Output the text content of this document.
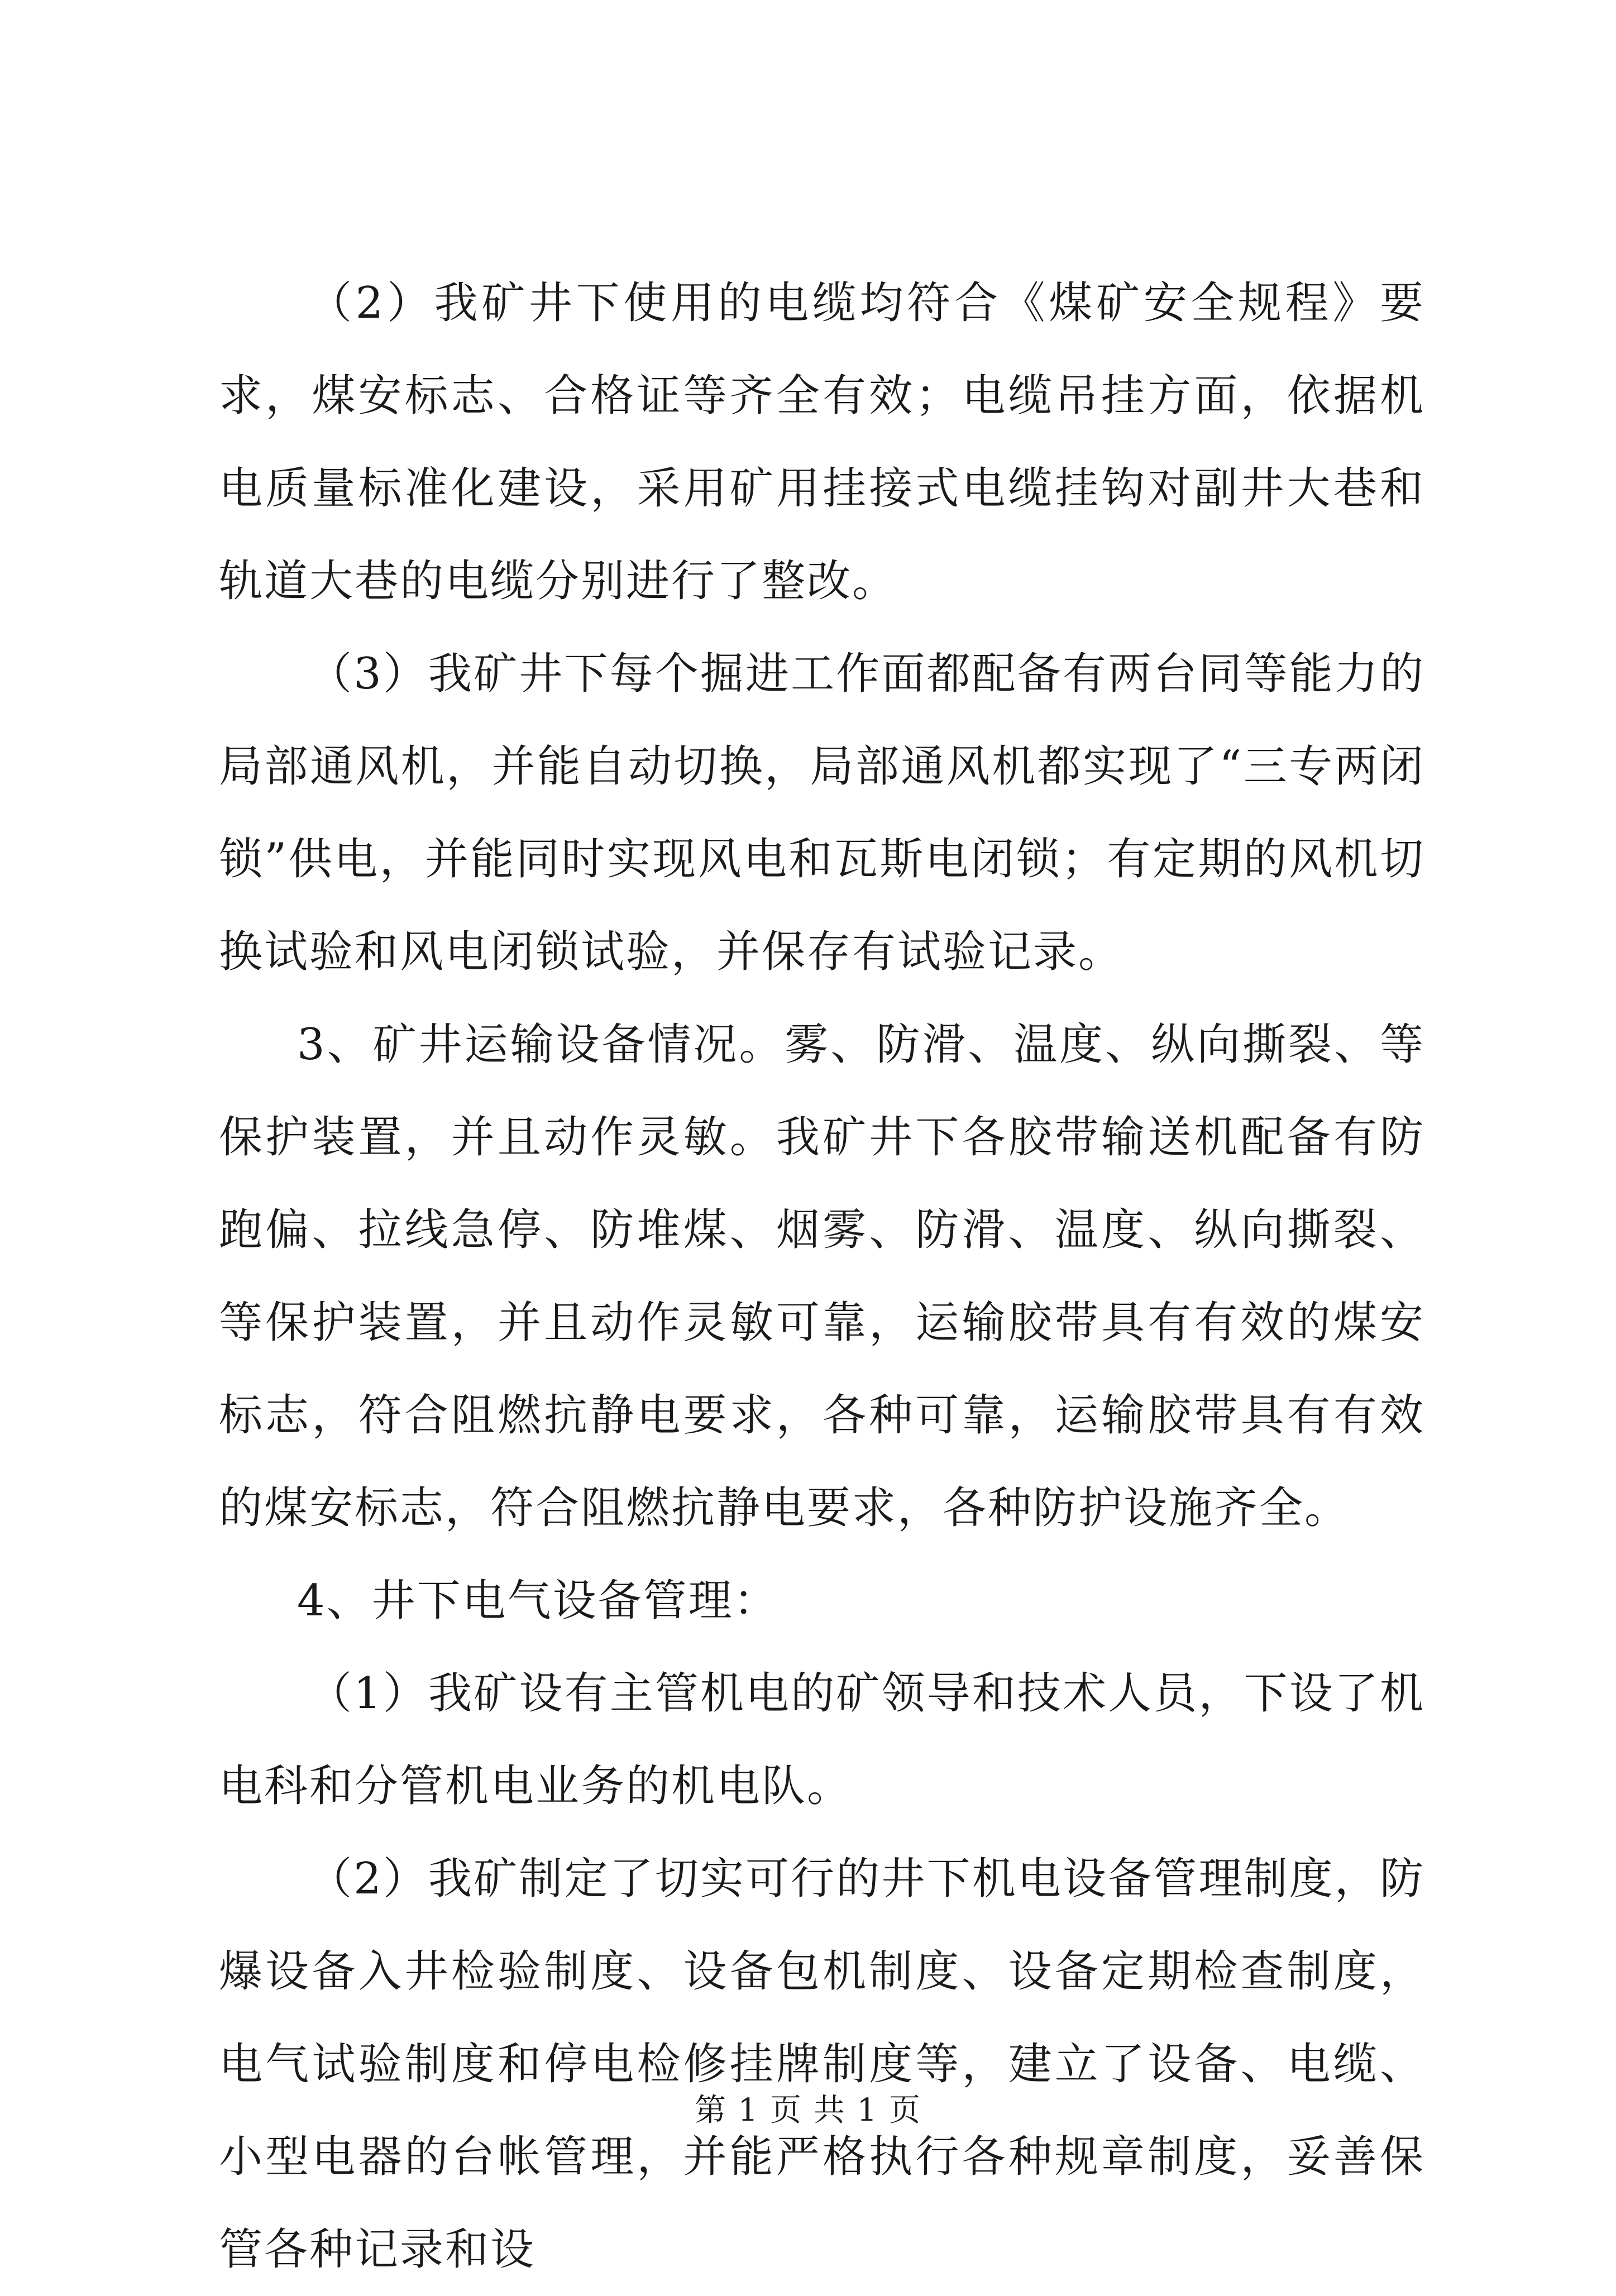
（2）我矿井下使用的电缆均符合《煤矿安全规程》要求，煤安标志、合格证等齐全有效；电缆吊挂方面，依据机电质量标准化建设，采用矿用挂接式电缆挂钩对副井大巷和轨道大巷的电缆分别进行了整改。

（3）我矿井下每个掘进工作面都配备有两台同等能力的局部通风机，并能自动切换，局部通风机都实现了“三专两闭锁”供电，并能同时实现风电和瓦斯电闭锁；有定期的风机切换试验和风电闭锁试验，并保存有试验记录。

3、矿井运输设备情况。雾、防滑、温度、纵向撕裂、等保护装置，并且动作灵敏。我矿井下各胶带输送机配备有防跑偏、拉线急停、防堆煤、烟雾、防滑、温度、纵向撕裂、等保护装置，并且动作灵敏可靠，运输胶带具有有效的煤安标志，符合阻燃抗静电要求，各种可靠，运输胶带具有有效的煤安标志，符合阻燃抗静电要求，各种防护设施齐全。

4、井下电气设备管理：

（1）我矿设有主管机电的矿领导和技术人员，下设了机电科和分管机电业务的机电队。

（2）我矿制定了切实可行的井下机电设备管理制度，防爆设备入井检验制度、设备包机制度、设备定期检查制度，电气试验制度和停电检修挂牌制度等，建立了设备、电缆、小型电器的台帐管理，并能严格执行各种规章制度，妥善保管各种记录和设

第 1 页 共 1 页
